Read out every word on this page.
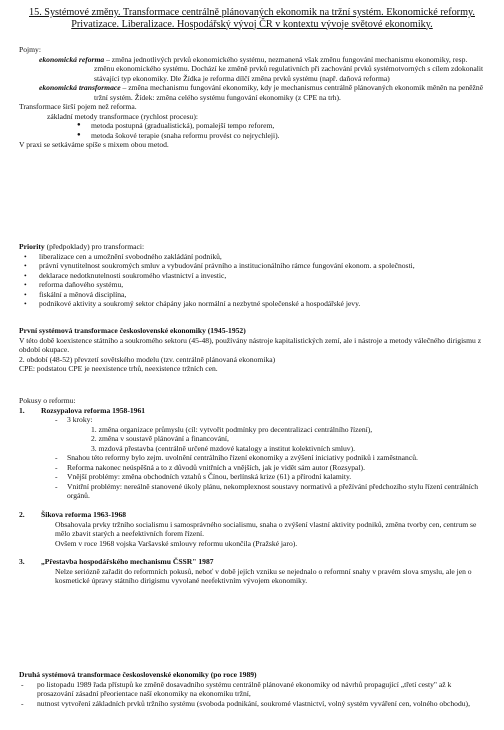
15. Systémové změny. Transformace centrálně plánovaných ekonomik na tržní systém. Ekonomické reformy. Privatizace. Liberalizace. Hospodářský vývoj ČR v kontextu vývoje světové ekonomiky.

Pojmy:

ekonomická reforma – změna jednotlivých prvků ekonomického systému, nezmanená však změnu fungování mechanismu ekonomiky, resp. změnu ekonomického systému. Dochází ke změně prvků regulativních při zachování prvků systémotvorných s cílem zdokonalit stávající typ ekonomiky. Dle Žídka je reforma dílčí změna prvků systému (např. daňová reforma)

ekonomická transformace – změna mechanismu fungování ekonomiky, kdy je mechanismus centrálně plánovaných ekonomik měněn na peněžně tržní systém. Žídek: změna celého systému fungování ekonomiky (z CPE na trh).

Transformace širší pojem než reforma.

základní metody transformace (rychlost procesu):

● metoda postupná (gradualistická), pomalejší tempo reforem,
● metoda šokové terapie (snaha reformu provést co nejrychleji).

V praxi se setkáváme spíše s mixem obou metod.

Priority (předpoklady) pro transformaci:

• liberalizace cen a umožnění svobodného zakládání podniků,
• právní vynutitelnost soukromých smluv a vybudování právního a institucionálního rámce fungování ekonom. a společnosti,
• deklarace nedotknutelnosti soukromého vlastnictví a investic,
• reforma daňového systému,
• fiskální a měnová disciplína,
• podnikové aktivity a soukromý sektor chápány jako normální a nezbytné společenské a hospodářské jevy.

První systémová transformace československé ekonomiky (1945-1952)

V této době koexistence státního a soukromého sektoru (45-48), používány nástroje kapitalistických zemí, ale i nástroje a metody válečného dirigismu z období okupace.

2. období (48-52) převzetí sovětského modelu (tzv. centrálně plánovaná ekonomika)

CPE: podstatou CPE je neexistence trhů, neexistence tržních cen.

Pokusy o reformu:

1. Rozsypalova reforma 1958-1961

- 3 kroky:
1. změna organizace průmyslu (cíl: vytvořit podmínky pro decentralizaci centrálního řízení),
2. změna v soustavě plánování a financování,
3. mzdová přestavba (centrálně určené mzdové katalogy a institut kolektivních smluv).
- Snahou této reformy bylo zejm. uvolnění centrálního řízení ekonomiky a zvýšení iniciativy podniků i zaměstnanců.
- Reforma nakonec neúspěšná a to z důvodů vnitřních a vnějších, jak je vidět sám autor (Rozsypal).
- Vnější problémy: změna obchodních vztahů s Čínou, berlínská krize (61) a přírodní kalamity.
- Vnitřní problémy: nereálně stanovené úkoly plánu, nekomplexnost soustavy normativů a přežívání předchozího stylu řízení centrálních orgánů.

2. Šikova reforma 1963-1968

Obsahovala prvky tržního socialismu i samosprávného socialismu, snaha o zvýšení vlastní aktivity podniků, změna tvorby cen, centrum se mělo zbavit starých a neefektivních forem řízení.

Ovšem v roce 1968 vojska Varšavské smlouvy reformu ukončila (Pražské jaro).

3. „Přestavba hospodářského mechanismu ČSSR" 1987

Nelze seriózně zařadit do reformních pokusů, neboť v době jejích vzniku se nejednalo o reformní snahy v pravém slova smyslu, ale jen o kosmetické úpravy státního dirigismu vyvolané neefektivním vývojem ekonomiky.

Druhá systémová transformace československé ekonomiky (po roce 1989)

- po listopadu 1989 řada přístupů ke změně dosavadního systému centrálně plánované ekonomiky od návrhů propagující „třetí cesty" až k prosazování zásadní přeorientace naší ekonomiky na ekonomiku tržní,
- nutnost vytvoření základních prvků tržního systému (svoboda podnikání, soukromé vlastnictví, volný systém vyváření cen, volného obchodu),
